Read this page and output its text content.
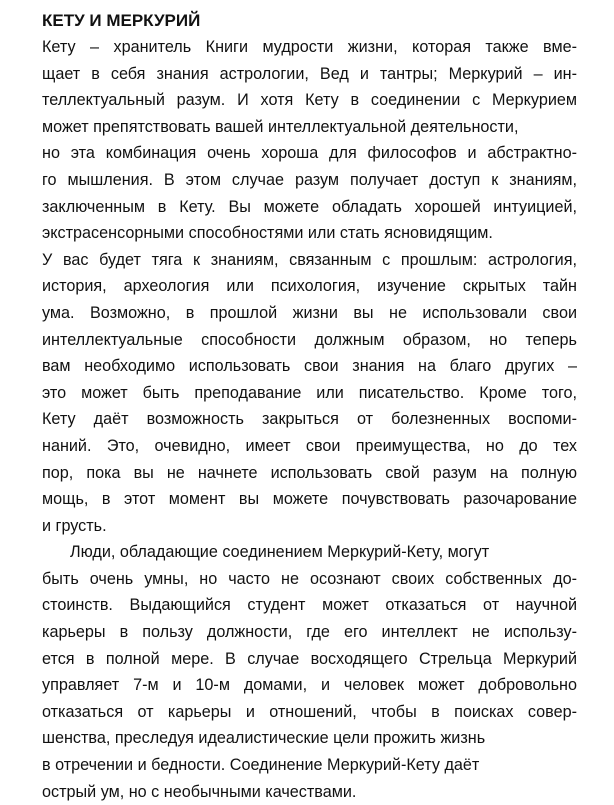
КЕТУ И МЕРКУРИЙ
Кету – хранитель Книги мудрости жизни, которая также вме-
щает в себя знания астрологии, Вед и тантры; Меркурий – ин-
теллектуальный разум. И хотя Кету в соединении с Меркурием
может препятствовать вашей интеллектуальной деятельности,
но эта комбинация очень хороша для философов и абстрактно-
го мышления. В этом случае разум получает доступ к знаниям,
заключенным в Кету. Вы можете обладать хорошей интуицией,
экстрасенсорными способностями или стать ясновидящим.
У вас будет тяга к знаниям, связанным с прошлым: астрология,
история, археология или психология, изучение скрытых тайн
ума. Возможно, в прошлой жизни вы не использовали свои
интеллектуальные способности должным образом, но теперь
вам необходимо использовать свои знания на благо других –
это может быть преподавание или писательство. Кроме того,
Кету даёт возможность закрыться от болезненных воспоми-
наний. Это, очевидно, имеет свои преимущества, но до тех
пор, пока вы не начнете использовать свой разум на полную
мощь, в этот момент вы можете почувствовать разочарование
и грусть.
Люди, обладающие соединением Меркурий-Кету, могут
быть очень умны, но часто не осознают своих собственных до-
стоинств. Выдающийся студент может отказаться от научной
карьеры в пользу должности, где его интеллект не использу-
ется в полной мере. В случае восходящего Стрельца Меркурий
управляет 7-м и 10-м домами, и человек может добровольно
отказаться от карьеры и отношений, чтобы в поисках совер-
шенства, преследуя идеалистические цели прожить жизнь
в отречении и бедности. Соединение Меркурий-Кету даёт
острый ум, но с необычными качествами.
